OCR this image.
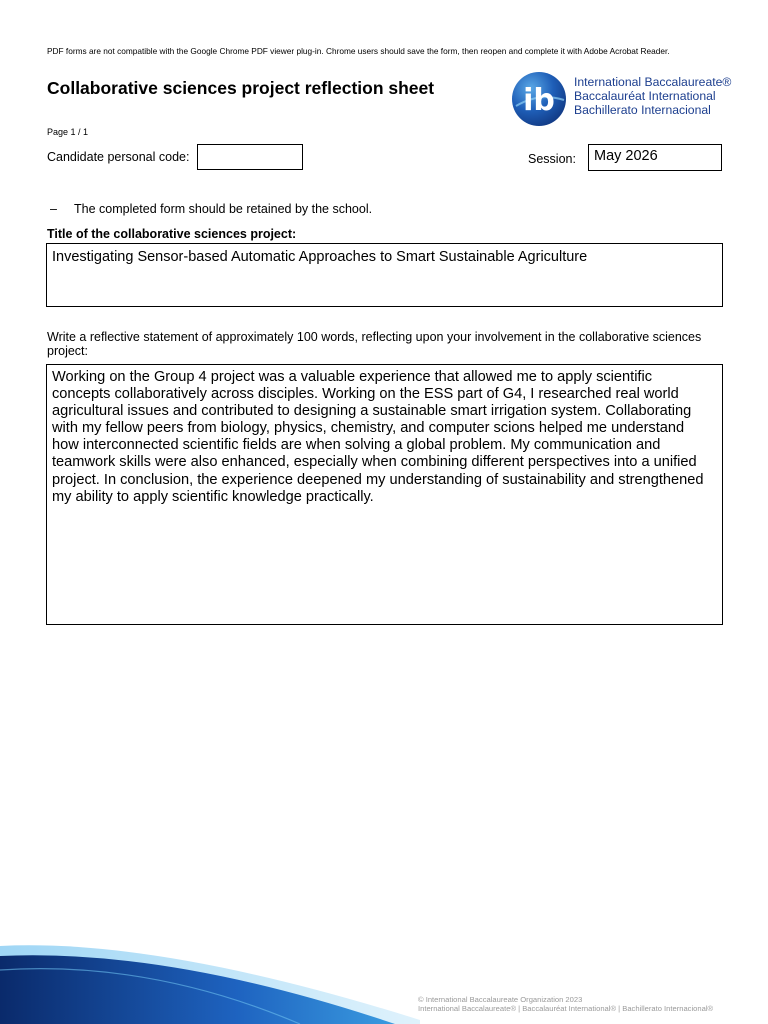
PDF forms are not compatible with the Google Chrome PDF viewer plug-in. Chrome users should save the form, then reopen and complete it with Adobe Acrobat Reader.
Collaborative sciences project reflection sheet	ib
International Baccalaureate®
Baccalauréat International
Bachillerato Internacional
Page 1 / 1
Candidate personal code:	Session:	May 2026
– The completed form should be retained by the school.
Title of the collaborative sciences project:
Investigating Sensor-based Automatic Approaches to Smart Sustainable Agriculture
Write a reflective statement of approximately 100 words, reflecting upon your involvement in the collaborative sciences project:
Working on the Group 4 project was a valuable experience that allowed me to apply scientific concepts collaboratively across disciples. Working on the ESS part of G4, I researched real world agricultural issues and contributed to designing a sustainable smart irrigation system. Collaborating with my fellow peers from biology, physics, chemistry, and computer scions helped me understand how interconnected scientific fields are when solving a global problem. My communication and teamwork skills were also enhanced, especially when combining different perspectives into a unified project. In conclusion, the experience deepened my understanding of sustainability and strengthened my ability to apply scientific knowledge practically.
© International Baccalaureate Organization 2023
International Baccalaureate® | Baccalauréat International® | Bachillerato Internacional®
